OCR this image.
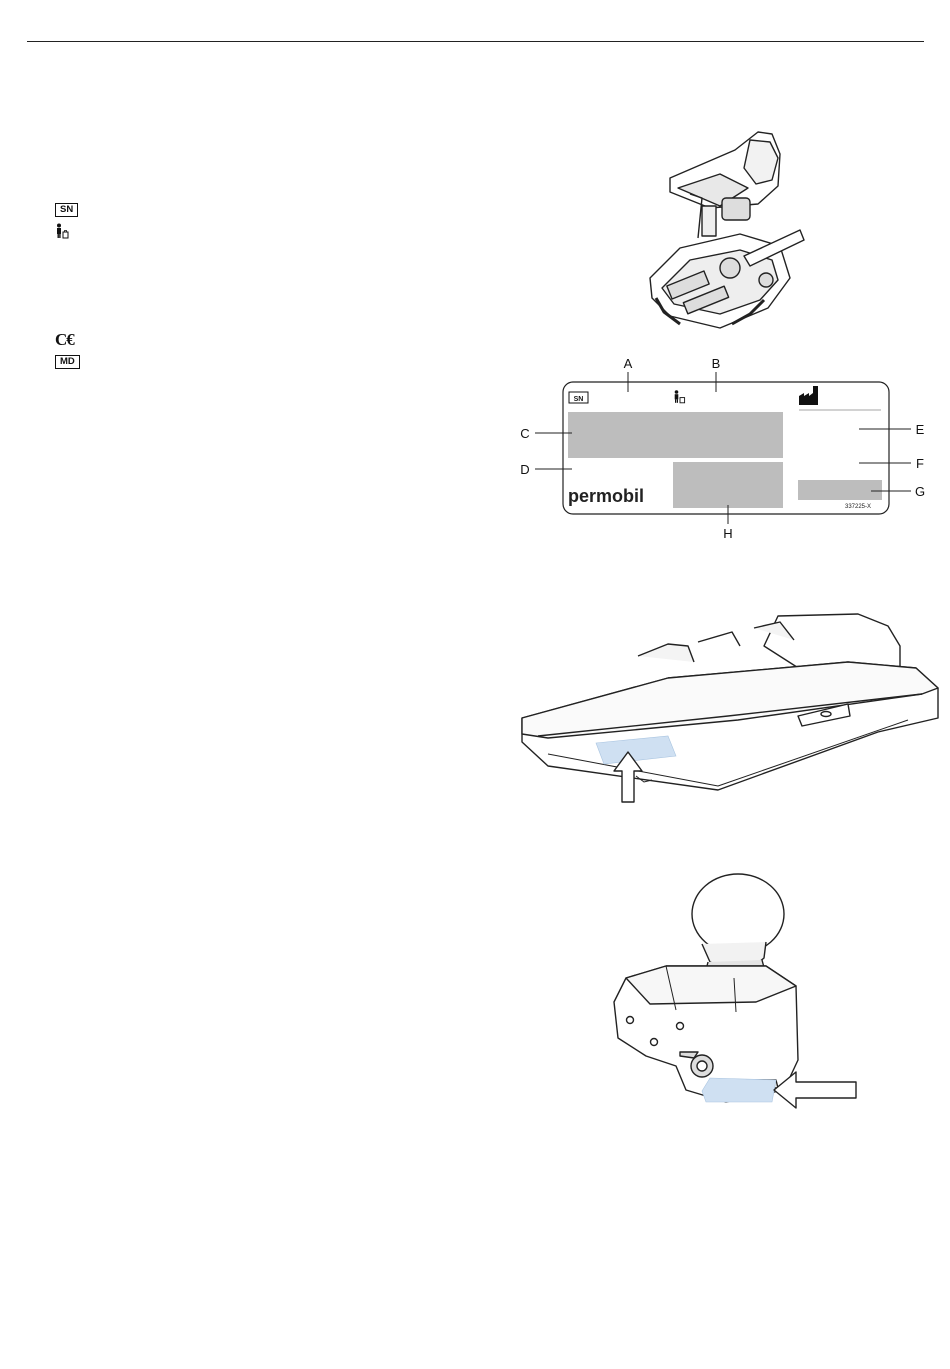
SN
C€
MD
permobil
337225-X
SN
A	B
C
D
E
F
G
H
